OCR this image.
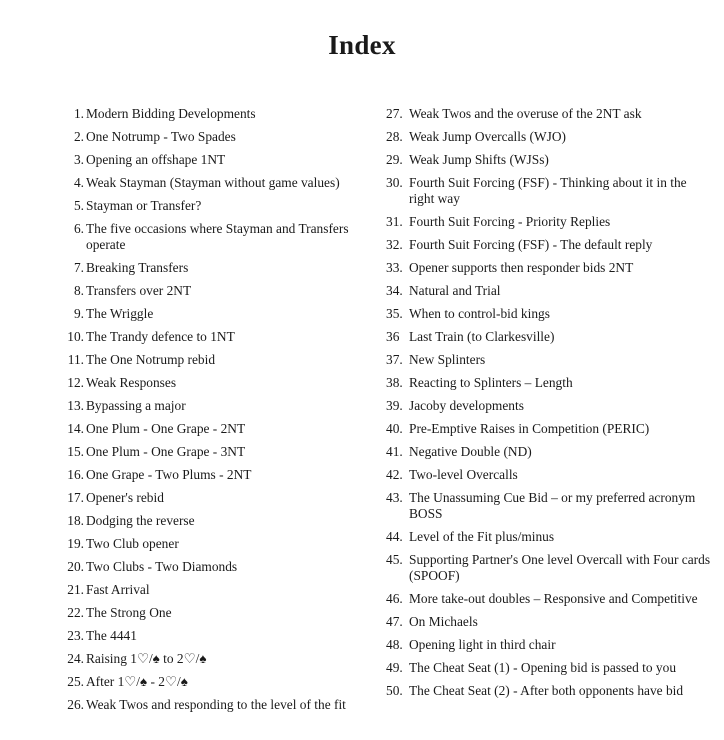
Index
1. Modern Bidding Developments
2. One Notrump - Two Spades
3. Opening an offshape 1NT
4. Weak Stayman (Stayman without game values)
5. Stayman or Transfer?
6. The five occasions where Stayman and Transfers operate
7. Breaking Transfers
8. Transfers over 2NT
9. The Wriggle
10. The Trandy defence to 1NT
11. The One Notrump rebid
12. Weak Responses
13. Bypassing a major
14. One Plum - One Grape - 2NT
15. One Plum - One Grape - 3NT
16. One Grape - Two Plums - 2NT
17. Opener's rebid
18. Dodging the reverse
19. Two Club opener
20. Two Clubs - Two Diamonds
21. Fast Arrival
22. The Strong One
23. The 4441
24. Raising 1♡/♠ to 2♡/♠
25. After 1♡/♠ - 2♡/♠
26. Weak Twos and responding to the level of the fit
27. Weak Twos and the overuse of the 2NT ask
28. Weak Jump Overcalls (WJO)
29. Weak Jump Shifts (WJSs)
30. Fourth Suit Forcing (FSF) - Thinking about it in the right way
31. Fourth Suit Forcing - Priority Replies
32. Fourth Suit Forcing (FSF) - The default reply
33. Opener supports then responder bids 2NT
34. Natural and Trial
35. When to control-bid kings
36 Last Train (to Clarkesville)
37. New Splinters
38. Reacting to Splinters – Length
39. Jacoby developments
40. Pre-Emptive Raises in Competition (PERIC)
41. Negative Double (ND)
42. Two-level Overcalls
43. The Unassuming Cue Bid – or my preferred acronym BOSS
44. Level of the Fit plus/minus
45. Supporting Partner's One level Overcall with Four cards (SPOOF)
46. More take-out doubles – Responsive and Competitive
47. On Michaels
48. Opening light in third chair
49. The Cheat Seat (1) - Opening bid is passed to you
50. The Cheat Seat (2) - After both opponents have bid
